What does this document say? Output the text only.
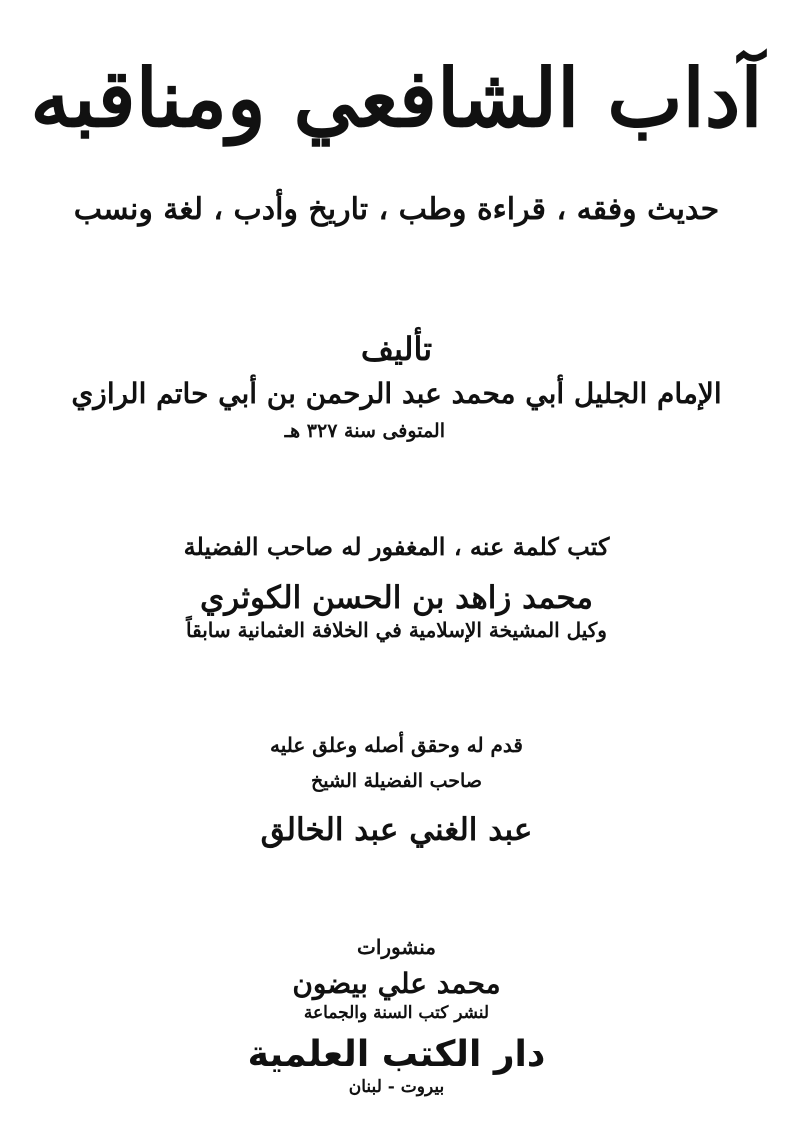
آداب الشافعي ومناقبه
حديث وفقه ، قراءة وطب ، تاريخ وأدب ، لغة ونسب
تأليف
الإمام الجليل أبي محمد عبد الرحمن بن أبي حاتم الرازي
المتوفى سنة ٣٢٧ هـ
كتب كلمة عنه ، المغفور له صاحب الفضيلة
محمد زاهد بن الحسن الكوثري
وكيل المشيخة الإسلامية في الخلافة العثمانية سابقاً
قدم له وحقق أصله وعلق عليه
صاحب الفضيلة الشيخ
عبد الغني عبد الخالق
منشورات
محمد علي بيضون
لنشر كتب السنة والجماعة
دار الكتب العلمية
بيروت - لبنان
